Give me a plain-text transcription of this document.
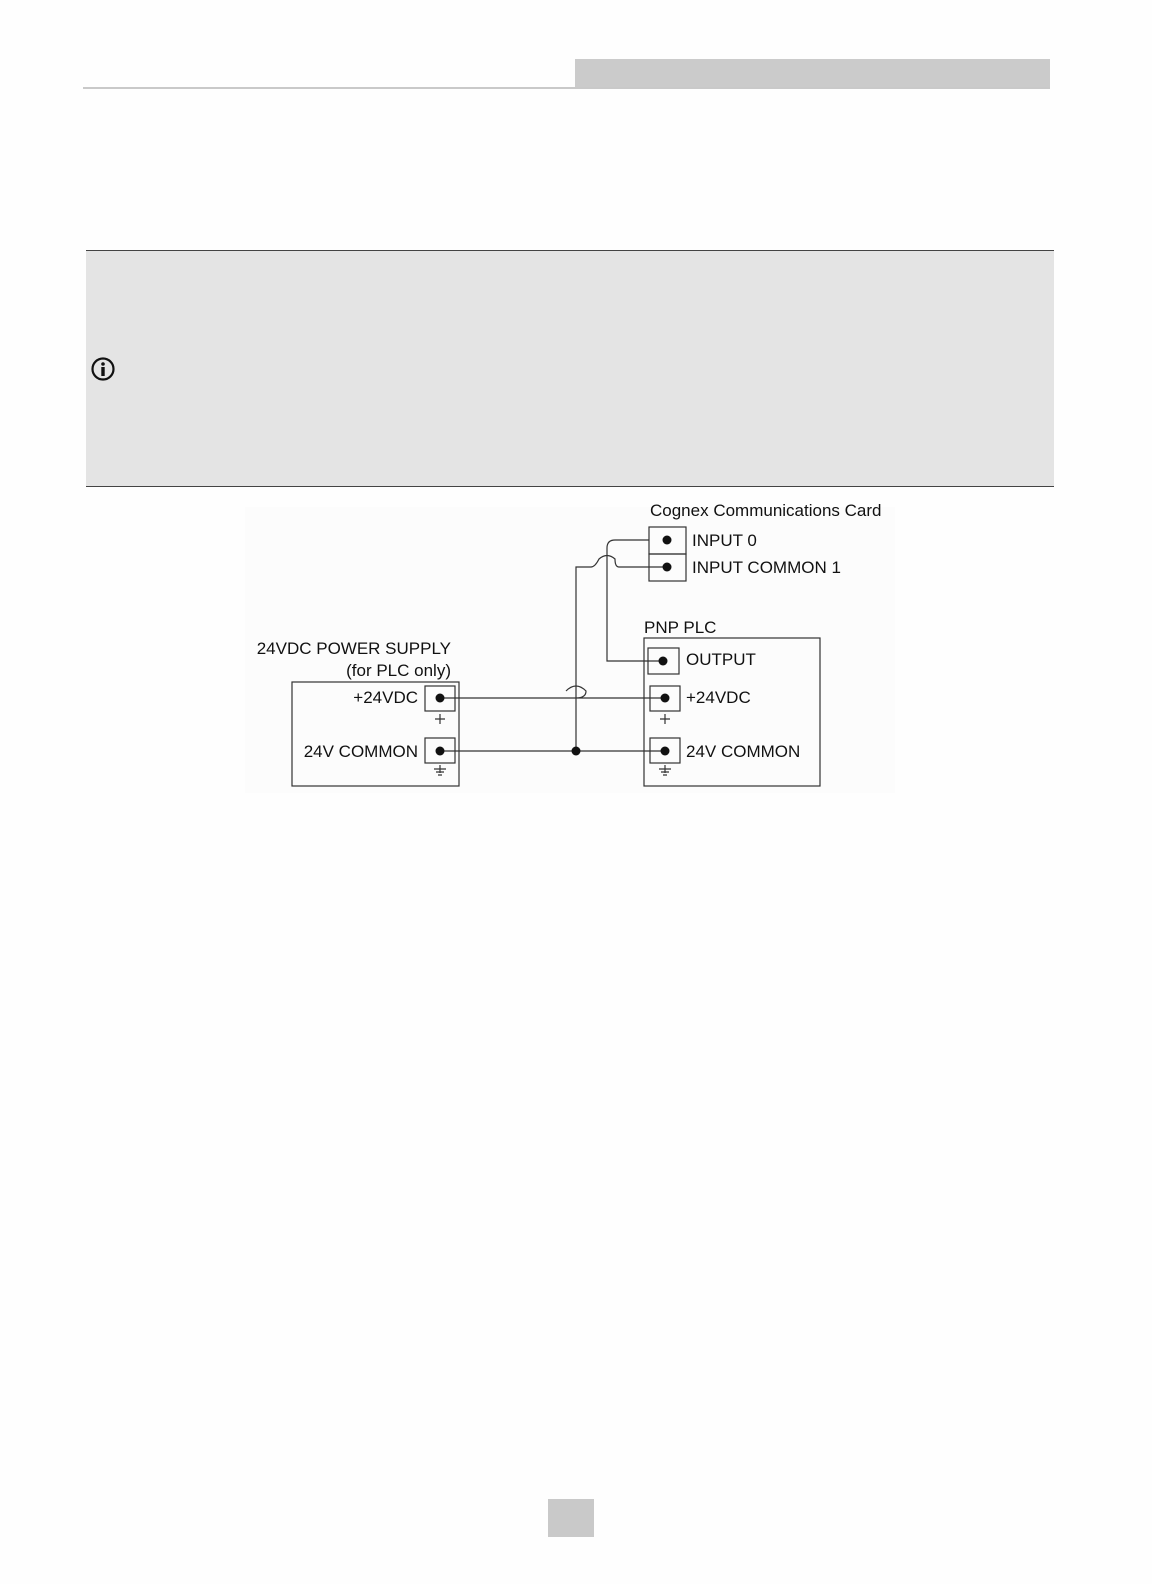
Cognex Communications Card
INPUT 0
INPUT COMMON 1
PNP PLC
OUTPUT
+24VDC
24V COMMON
24VDC POWER SUPPLY
(for PLC only)
+24VDC
24V COMMON
